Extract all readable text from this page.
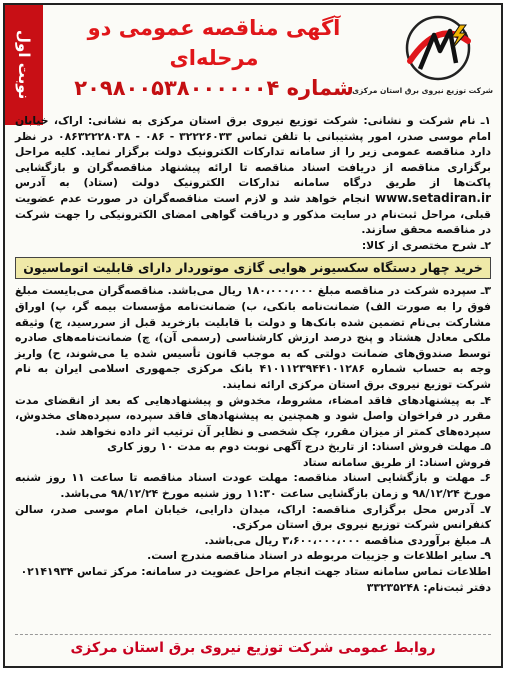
نوبت اول
آگهی مناقصه عمومی دو مرحله‌ای
شماره ۲۰۹۸۰۰۵۳۸۰۰۰۰۰۰۴
شرکت توزیع نیروی برق استان مرکزی

۱ـ نام شرکت و نشانی: شرکت توزیع نیروی برق استان مرکزی به نشانی: اراک، خیابان امام موسی صدر، امور پشتیبانی با تلفن تماس ۳۲۲۲۶۰۳۳ - ۰۸۶ - ۰۸۶۳۲۲۲۸۰۳۸ در نظر دارد مناقصه عمومی زیر را از سامانه تدارکات الکترونیک دولت برگزار نماید. کلیه مراحل برگزاری مناقصه از دریافت اسناد مناقصه تا ارائه پیشنهاد مناقصه‌گران و بازگشایی پاکت‌ها از طریق درگاه سامانه تدارکات الکترونیک دولت (ستاد) به آدرس www.setadiran.ir انجام خواهد شد و لازم است مناقصه‌گران در صورت عدم عضویت قبلی، مراحل ثبت‌نام در سایت مذکور و دریافت گواهی امضای الکترونیکی را جهت شرکت در مناقصه محقق سازند.

۲ـ شرح مختصری از کالا:

خرید چهار دستگاه سکسیونر هوایی گازی موتوردار دارای قابلیت اتوماسیون

۳ـ سپرده شرکت در مناقصه مبلغ ۱۸۰،۰۰۰،۰۰۰ ریال می‌باشد. مناقصه‌گران می‌بایست مبلغ فوق را به صورت الف) ضمانت‌نامه بانکی، ب) ضمانت‌نامه مؤسسات بیمه گر، پ) اوراق مشارکت بی‌نام تضمین شده بانک‌ها و دولت با قابلیت بازخرید قبل از سررسید، ج) وثیقه ملکی معادل هشتاد و پنج درصد ارزش کارشناسی (رسمی آن)، چ) ضمانت‌نامه‌های صادره توسط صندوق‌های ضمانت دولتی که به موجب قانون تأسیس شده یا می‌شوند، ح) واریز وجه به حساب شماره ۴۱۰۱۱۲۳۹۴۴۱۰۱۲۸۶ بانک مرکزی جمهوری اسلامی ایران به نام شرکت توزیع نیروی برق استان مرکزی ارائه نمایند.

۴ـ به پیشنهادهای فاقد امضاء، مشروط، مخدوش و پیشنهادهایی که بعد از انقضای مدت مقرر در فراخوان واصل شود و همچنین به پیشنهادهای فاقد سپرده، سپرده‌های مخدوش، سپرده‌های کمتر از میزان مقرر، چک شخصی و نظایر آن ترتیب اثر داده نخواهد شد.

۵ـ مهلت فروش اسناد: از تاریخ درج آگهی نوبت دوم به مدت ۱۰ روز کاری

فروش اسناد: از طریق سامانه ستاد

۶ـ مهلت و بازگشایی اسناد مناقصه: مهلت عودت اسناد مناقصه تا ساعت ۱۱ روز شنبه مورخ ۹۸/۱۲/۲۴ و زمان بازگشایی ساعت ۱۱:۳۰ روز شنبه مورخ ۹۸/۱۲/۲۴ می‌باشد.

۷ـ آدرس محل برگزاری مناقصه: اراک، میدان دارایی، خیابان امام موسی صدر، سالن کنفرانس شرکت توزیع نیروی برق استان مرکزی.

۸ـ مبلغ برآوردی مناقصه ۳،۶۰۰،۰۰۰،۰۰۰ ریال می‌باشد.

۹ـ سایر اطلاعات و جزییات مربوطه در اسناد مناقصه مندرج است.

اطلاعات تماس سامانه ستاد جهت انجام مراحل عضویت در سامانه: مرکز تماس ۰۲۱۴۱۹۳۴

دفتر ثبت‌نام: ۳۳۲۳۵۲۴۸

روابط عمومی شرکت توزیع نیروی برق استان مرکزی
